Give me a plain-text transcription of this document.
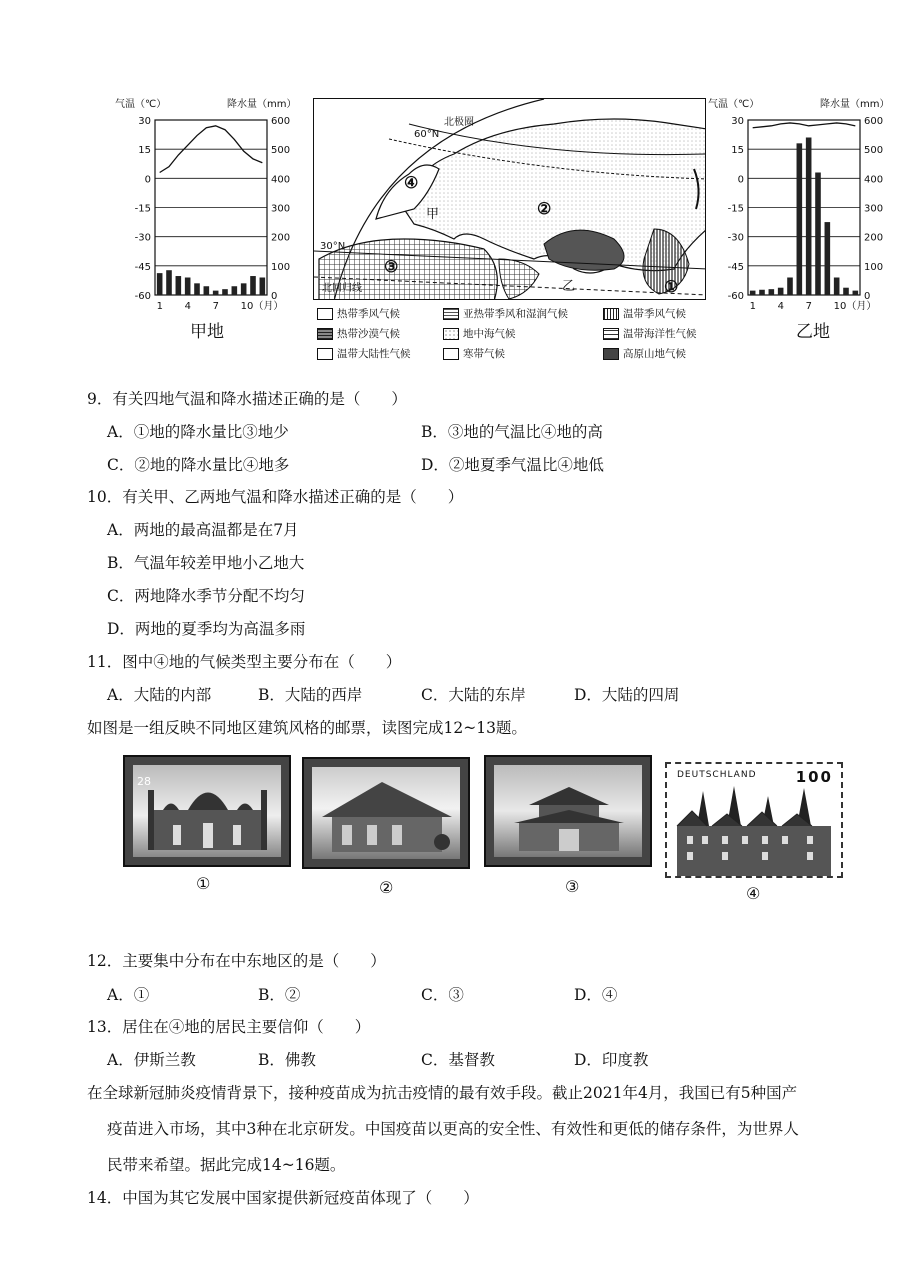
气温（℃）	降水量（mm）
30	600
15	500
0	400
-15	300
-30	200
-45	100
-60	0
1 4 7 10（月）
甲地
北极圈
60°N
30°N
北回归线
④
②
③
①
甲
乙
热带季风气候	亚热带季风和湿润气候	温带季风气候
热带沙漠气候	地中海气候	温带海洋性气候
温带大陆性气候	寒带气候	高原山地气候
气温（℃）	降水量（mm）
30	600
15	500
0	400
-15	300
-30	200
-45	100
-60	0
1 4 7 10（月）
乙地
9．有关四地气温和降水描述正确的是（　　）
A．①地的降水量比③地少	B．③地的气温比④地的高
C．②地的降水量比④地多	D．②地夏季气温比④地低
10．有关甲、乙两地气温和降水描述正确的是（　　）
A．两地的最高温都是在7月
B．气温年较差甲地小乙地大
C．两地降水季节分配不均匀
D．两地的夏季均为高温多雨
11．图中④地的气候类型主要分布在（　　）
A．大陆的内部	B．大陆的西岸	C．大陆的东岸	D．大陆的四周
如图是一组反映不同地区建筑风格的邮票，读图完成12~13题。
28	DEUTSCHLAND	100
①	②	③	④
12．主要集中分布在中东地区的是（　　）
A．①	B．②	C．③	D．④
13．居住在④地的居民主要信仰（　　）
A．伊斯兰教	B．佛教	C．基督教	D．印度教
在全球新冠肺炎疫情背景下，接种疫苗成为抗击疫情的最有效手段。截止2021年4月，我国已有5种国产
疫苗进入市场，其中3种在北京研发。中国疫苗以更高的安全性、有效性和更低的储存条件，为世界人
民带来希望。据此完成14~16题。
14．中国为其它发展中国家提供新冠疫苗体现了（　　）
